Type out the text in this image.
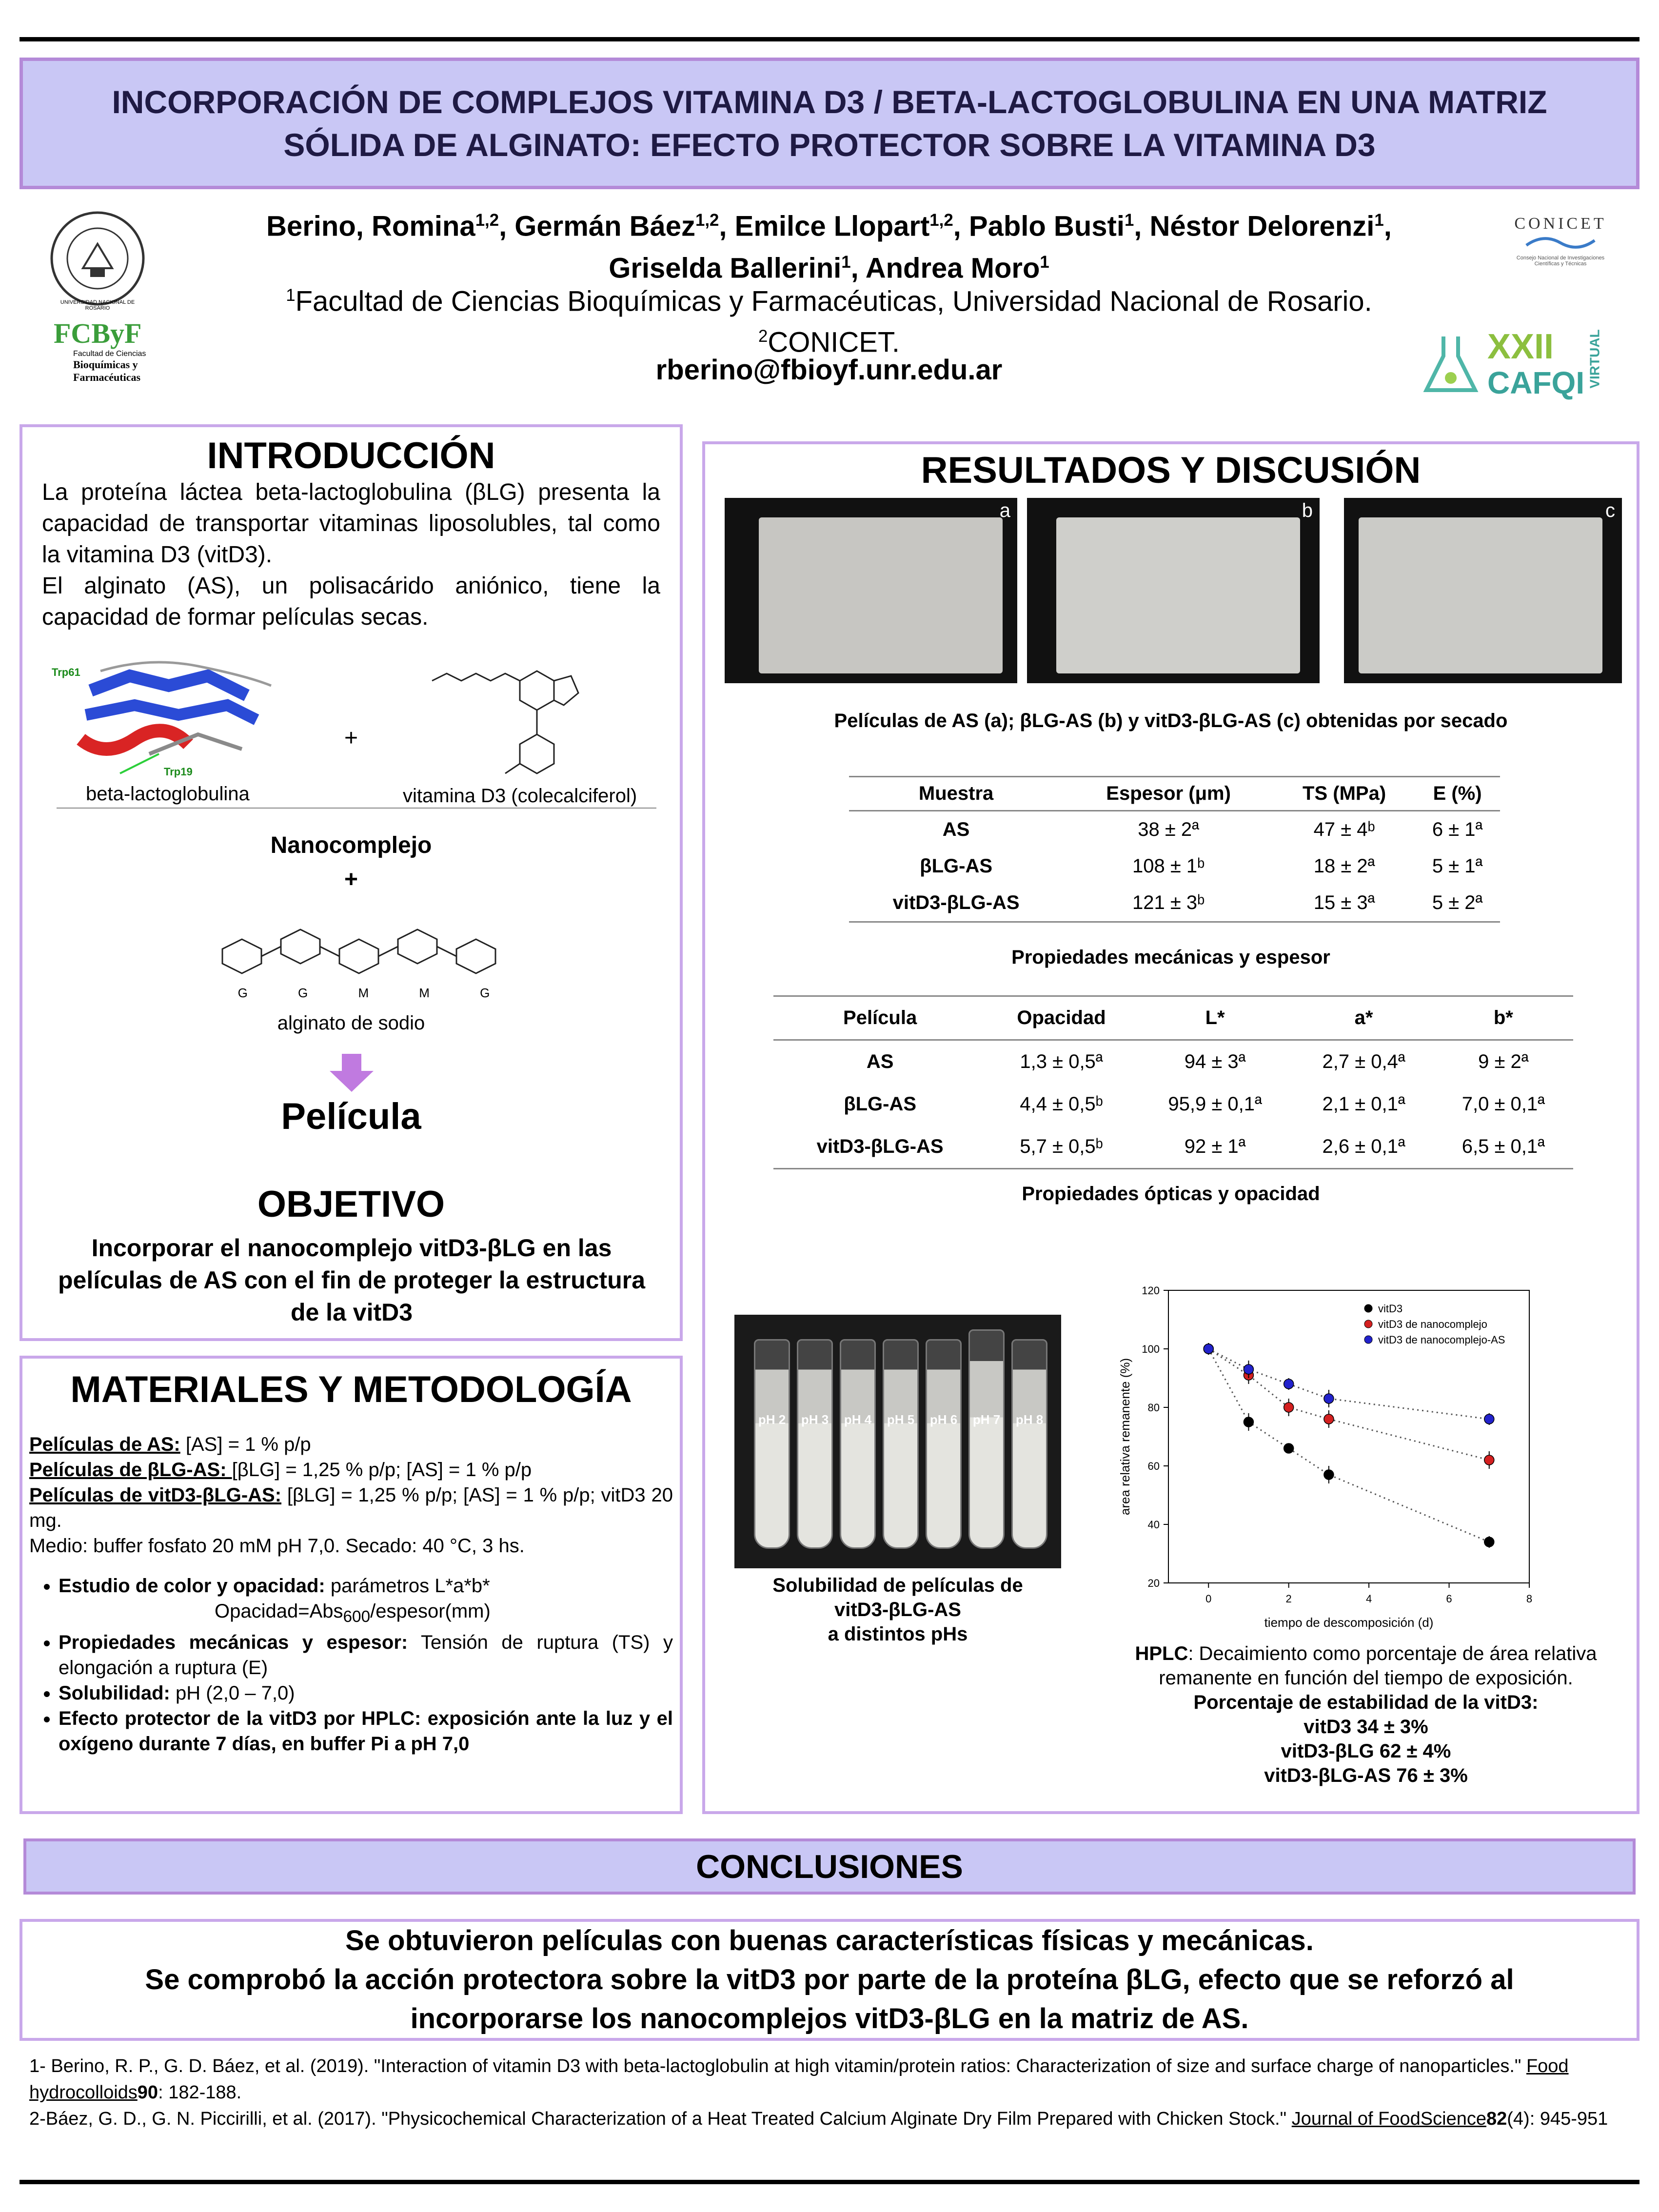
INCORPORACIÓN DE COMPLEJOS VITAMINA D3 / BETA-LACTOGLOBULINA EN UNA MATRIZ
SÓLIDA DE ALGINATO: EFECTO PROTECTOR SOBRE LA VITAMINA D3
UNIVERSIDAD NACIONAL DE ROSARIO
FCByF
Facultad de Ciencias
Bioquímicas y
Farmacéuticas
Berino, Romina$^{1,2}$, Germán Báez$^{1,2}$, Emilce Llopart$^{1,2}$, Pablo Busti$^1$, Néstor Delorenzi$^1$,
Griselda Ballerini$^1$, Andrea Moro$^1$
$^1$Facultad de Ciencias Bioquímicas y Farmacéuticas, Universidad Nacional de Rosario.
$^2$CONICET.
rberino@fbioyf.unr.edu.ar
CONICET
Consejo Nacional de Investigaciones
Científicas y Técnicas
XXII
CAFQI VIRTUAL
INTRODUCCIÓN
La proteína láctea beta-lactoglobulina (βLG) presenta la capacidad de transportar vitaminas liposolubles, tal como la vitamina D3 (vitD3).
El alginato (AS), un polisacárido aniónico, tiene la capacidad de formar películas secas.
Trp61
Trp19
+
beta-lactoglobulina	vitamina D3 (colecalciferol)
Nanocomplejo
+
G	G	M	M	G
alginato de sodio
Película
OBJETIVO
Incorporar el nanocomplejo vitD3-βLG en las películas de AS con el fin de proteger la estructura de la vitD3
MATERIALES Y METODOLOGÍA
Películas de AS: [AS] = 1 % p/p
Películas de βLG-AS: [βLG] = 1,25 % p/p; [AS] = 1 % p/p
Películas de vitD3-βLG-AS: [βLG] = 1,25 % p/p; [AS] = 1 % p/p; vitD3 20 mg.
Medio: buffer fosfato 20 mM pH 7,0. Secado: 40 °C, 3 hs.
• Estudio de color y opacidad: parámetros L*a*b*
Opacidad=Abs$_{600}$/espesor(mm)
• Propiedades mecánicas y espesor: Tensión de ruptura (TS) y elongación a ruptura (E)
• Solubilidad: pH (2,0 – 7,0)
• Efecto protector de la vitD3 por HPLC: exposición ante la luz y el oxígeno durante 7 días, en buffer Pi a pH 7,0
RESULTADOS Y DISCUSIÓN
a	b	c
Películas de AS (a); βLG-AS (b) y vitD3-βLG-AS (c) obtenidas por secado
Muestra	Espesor (μm)	TS (MPa)	E (%)
AS	38 ± 2ª	47 ± 4ᵇ	6 ± 1ª
βLG-AS	108 ± 1ᵇ	18 ± 2ª	5 ± 1ª
vitD3-βLG-AS	121 ± 3ᵇ	15 ± 3ª	5 ± 2ª
Propiedades mecánicas y espesor
Película	Opacidad	L*	a*	b*
AS	1,3 ± 0,5ª	94 ± 3ª	2,7 ± 0,4ª	9 ± 2ª
βLG-AS	4,4 ± 0,5ᵇ	95,9 ± 0,1ª	2,1 ± 0,1ª	7,0 ± 0,1ª
vitD3-βLG-AS	5,7 ± 0,5ᵇ	92 ± 1ª	2,6 ± 0,1ª	6,5 ± 0,1ª
Propiedades ópticas y opacidad
pH 2	pH 3	pH 4	pH 5	pH 6	pH 7	pH 8
Solubilidad de películas de
vitD3-βLG-AS
a distintos pHs
20
40
60
80
100
120
0	2	4	6	8
tiempo de descomposición (d)
area relativa remanente (%)
vitD3
vitD3 de nanocomplejo
vitD3 de nanocomplejo-AS
HPLC: Decaimiento como porcentaje de área relativa remanente en función del tiempo de exposición.
Porcentaje de estabilidad de la vitD3:
vitD3 34 ± 3%
vitD3-βLG 62 ± 4%
vitD3-βLG-AS 76 ± 3%
CONCLUSIONES
Se obtuvieron películas con buenas características físicas y mecánicas.
Se comprobó la acción protectora sobre la vitD3 por parte de la proteína βLG, efecto que se reforzó al incorporarse los nanocomplejos vitD3-βLG en la matriz de AS.
1- Berino, R. P., G. D. Báez, et al. (2019). "Interaction of vitamin D3 with beta-lactoglobulin at high vitamin/protein ratios: Characterization of size and surface charge of nanoparticles." Food hydrocolloids90: 182-188.
2-Báez, G. D., G. N. Piccirilli, et al. (2017). "Physicochemical Characterization of a Heat Treated Calcium Alginate Dry Film Prepared with Chicken Stock." Journal of FoodScience82(4): 945-951
